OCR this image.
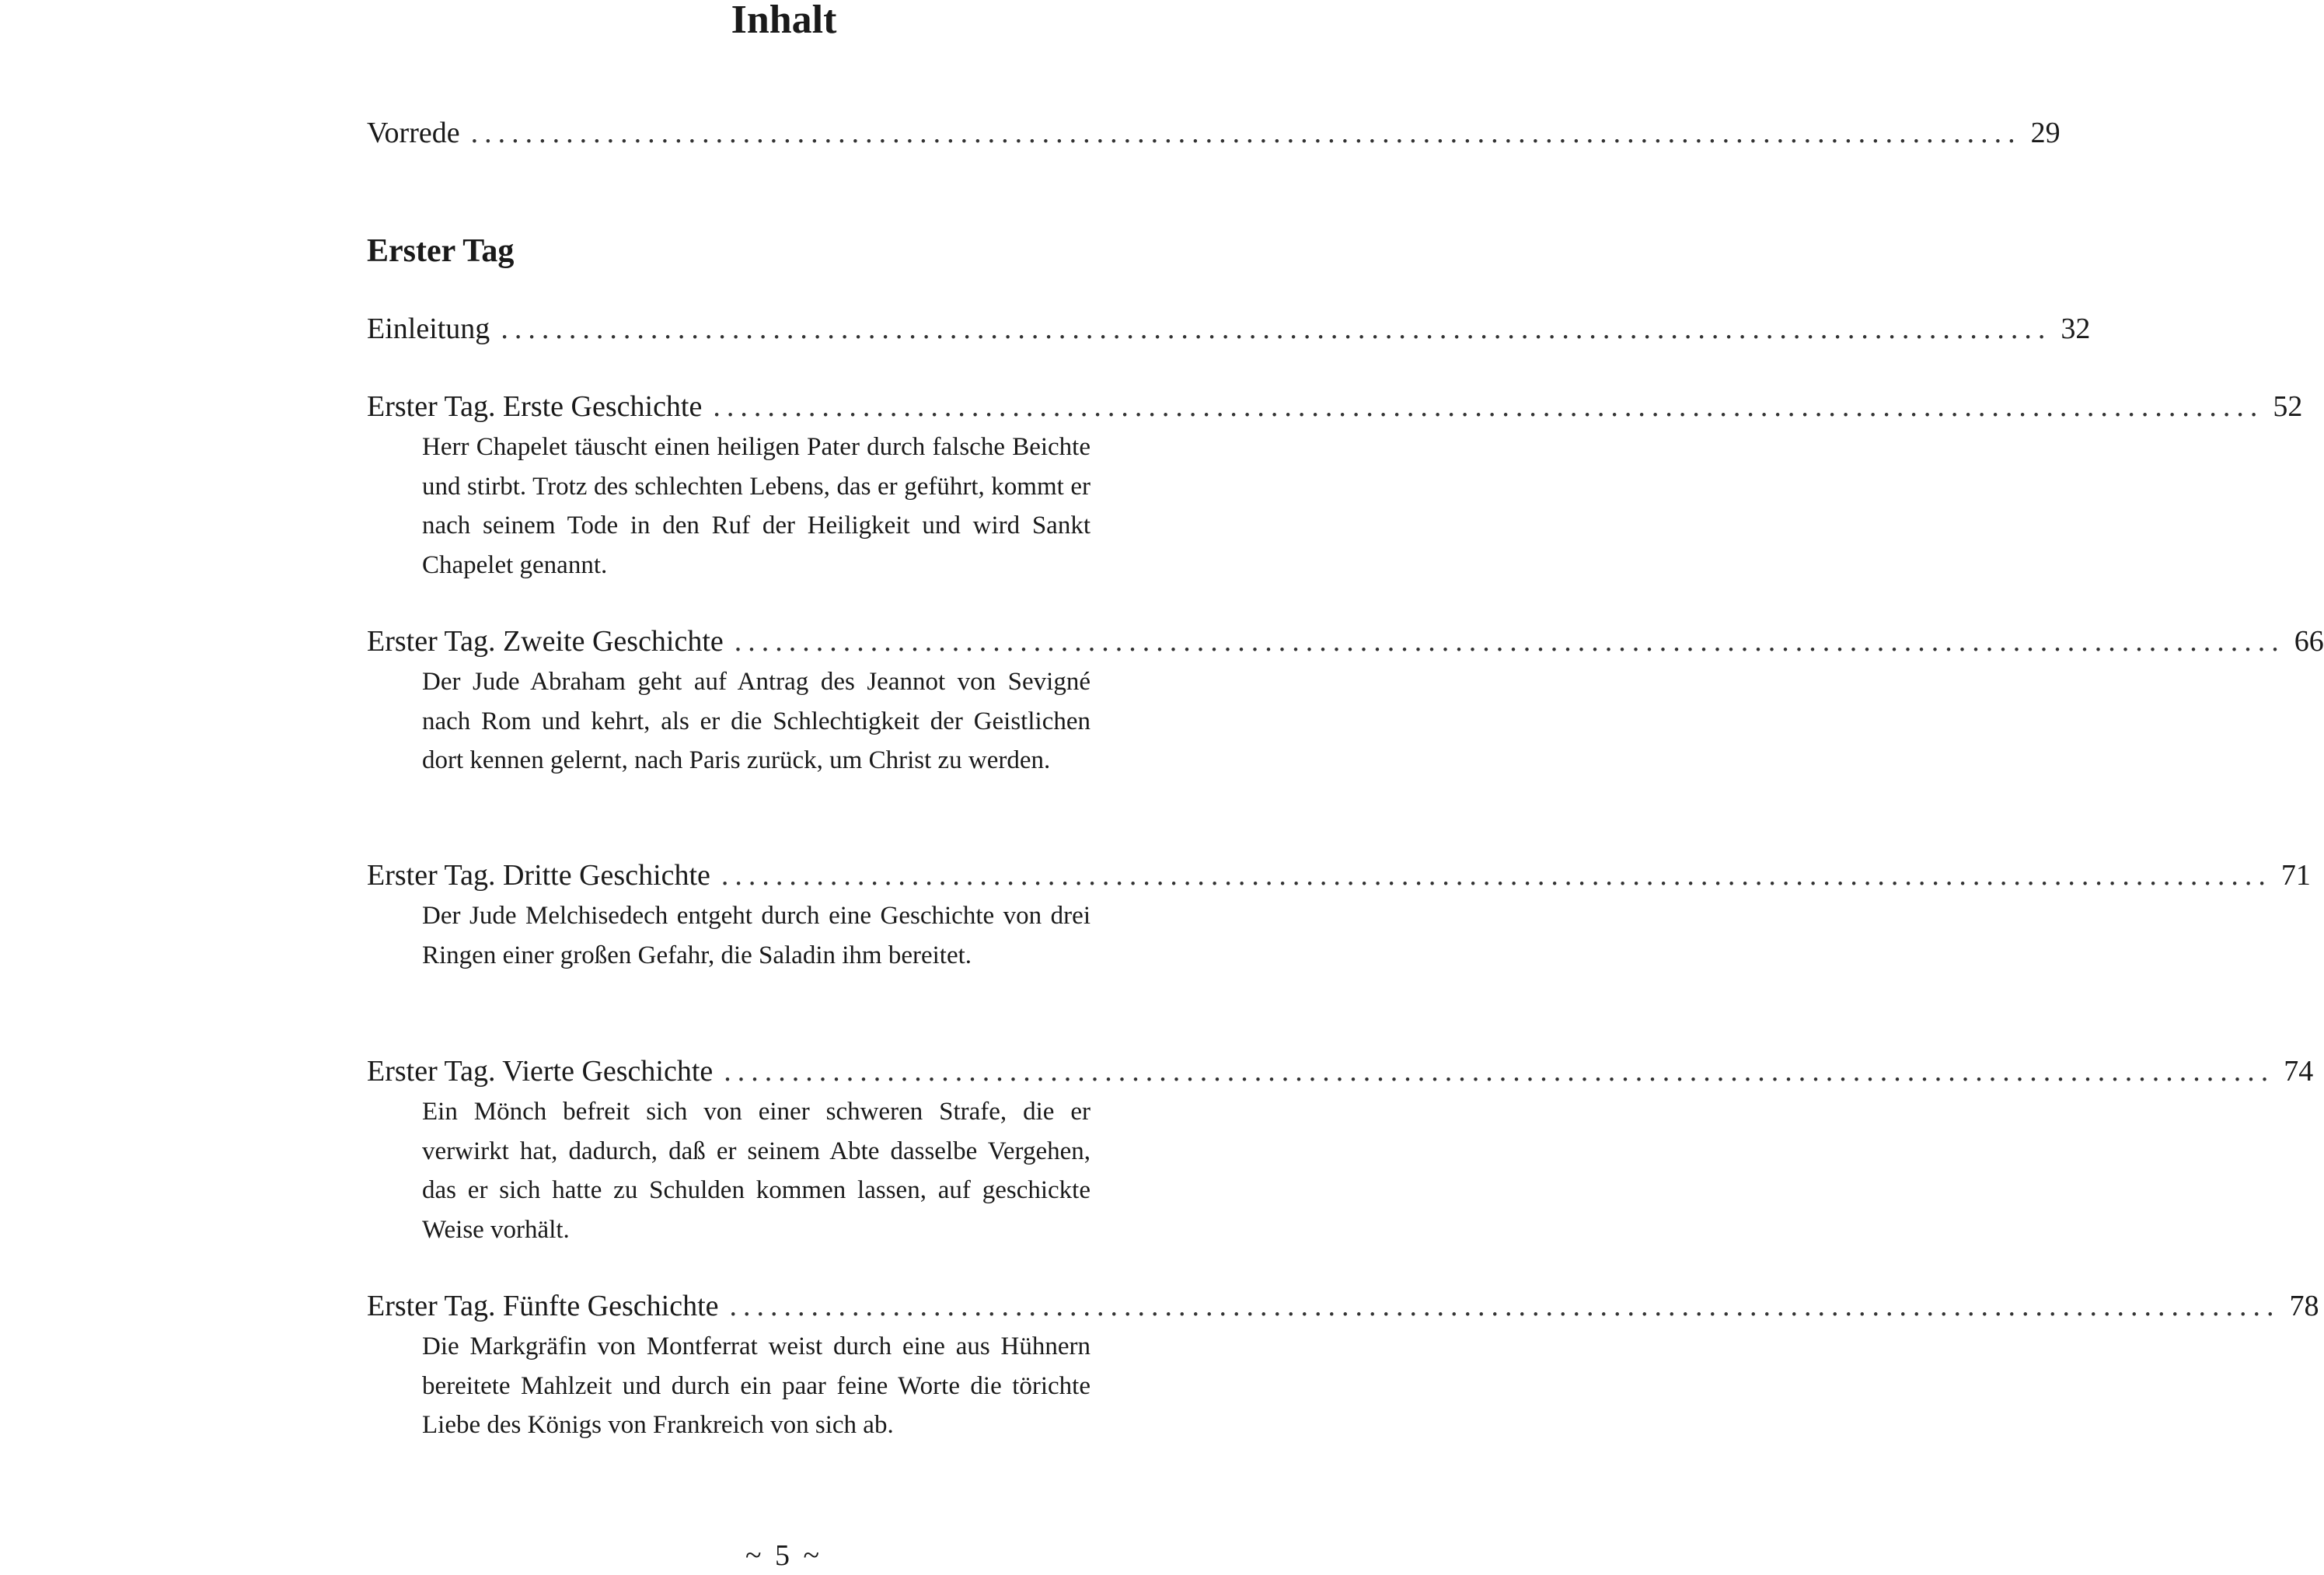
Inhalt
Vorrede .................................................................................................................. 29
Erster Tag
Einleitung .................................................................................................................. 32
Erster Tag. Erste Geschichte .................................................................................................................. 52
Herr Chapelet täuscht einen heiligen Pater durch falsche Beichte und stirbt. Trotz des schlechten Lebens, das er geführt, kommt er nach seinem Tode in den Ruf der Heiligkeit und wird Sankt Chapelet genannt.
Erster Tag. Zweite Geschichte .................................................................................................................. 66
Der Jude Abraham geht auf Antrag des Jeannot von Sevigné nach Rom und kehrt, als er die Schlechtigkeit der Geistlichen dort kennen gelernt, nach Paris zurück, um Christ zu werden.
Erster Tag. Dritte Geschichte .................................................................................................................. 71
Der Jude Melchisedech entgeht durch eine Geschichte von drei Ringen einer großen Gefahr, die Saladin ihm bereitet.
Erster Tag. Vierte Geschichte .................................................................................................................. 74
Ein Mönch befreit sich von einer schweren Strafe, die er verwirkt hat, dadurch, daß er seinem Abte dasselbe Vergehen, das er sich hatte zu Schulden kommen lassen, auf geschickte Weise vorhält.
Erster Tag. Fünfte Geschichte .................................................................................................................. 78
Die Markgräfin von Montferrat weist durch eine aus Hühnern bereitete Mahlzeit und durch ein paar feine Worte die törichte Liebe des Königs von Frankreich von sich ab.
~ 5 ~
